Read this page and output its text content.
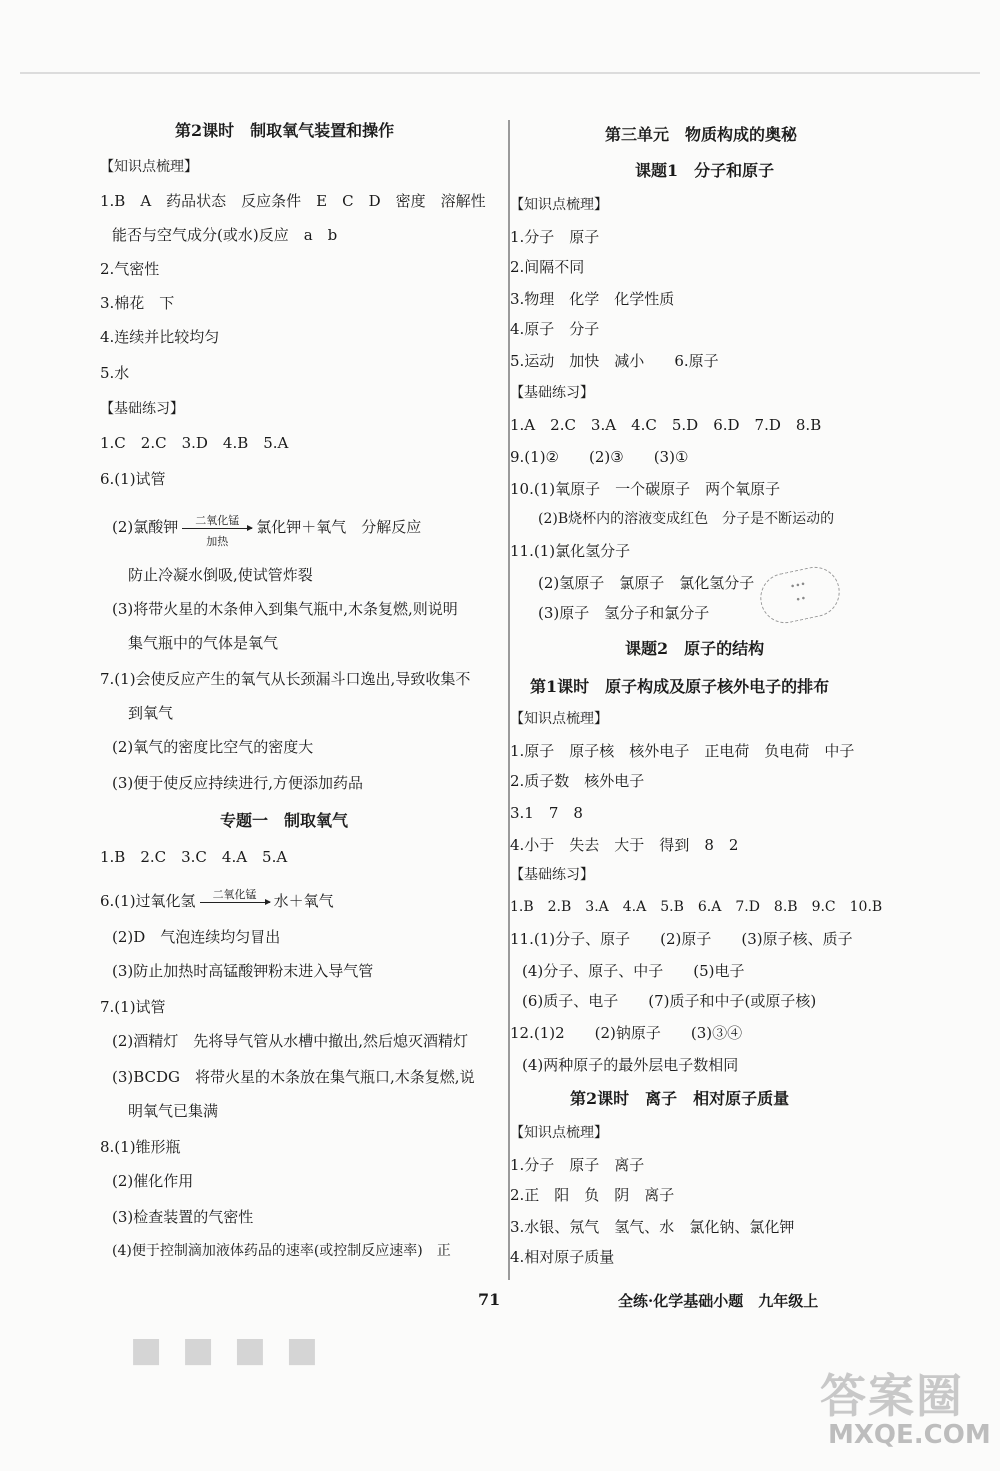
第2课时　制取氧气装置和操作
【知识点梳理】
1.B　A　药品状态　反应条件　E　C　D　密度　溶解性
能否与空气成分(或水)反应　a　b
2.气密性
3.棉花　下
4.连续并比较均匀
5.水
【基础练习】
1.C　2.C　3.D　4.B　5.A
6.(1)试管
(2)氯酸钾	二氧化锰
加热
氯化钾＋氧气　分解反应
防止冷凝水倒吸,使试管炸裂
(3)将带火星的木条伸入到集气瓶中,木条复燃,则说明
集气瓶中的气体是氧气
7.(1)会使反应产生的氧气从长颈漏斗口逸出,导致收集不
到氧气
(2)氧气的密度比空气的密度大
(3)便于使反应持续进行,方便添加药品
专题一　制取氧气
1.B　2.C　3.C　4.A　5.A
6.(1)过氧化氢	二氧化锰	水＋氧气
(2)D　气泡连续均匀冒出
(3)防止加热时高锰酸钾粉末进入导气管
7.(1)试管
(2)酒精灯　先将导气管从水槽中撤出,然后熄灭酒精灯
(3)BCDG　将带火星的木条放在集气瓶口,木条复燃,说
明氧气已集满
8.(1)锥形瓶
(2)催化作用
(3)检查装置的气密性
(4)便于控制滴加液体药品的速率(或控制反应速率)　正
第三单元　物质构成的奥秘
课题1　分子和原子
【知识点梳理】
1.分子　原子
2.间隔不同
3.物理　化学　化学性质
4.原子　分子
5.运动　加快　减小　　6.原子
【基础练习】
1.A　2.C　3.A　4.C　5.D　6.D　7.D　8.B
9.(1)②　　(2)③　　(3)①
10.(1)氧原子　一个碳原子　两个氧原子
(2)B烧杯内的溶液变成红色　分子是不断运动的
11.(1)氯化氢分子
(2)氢原子　氯原子　氯化氢分子
(3)原子　氢分子和氯分子
课题2　原子的结构
第1课时　原子构成及原子核外电子的排布
【知识点梳理】
1.原子　原子核　核外电子　正电荷　负电荷　中子
2.质子数　核外电子
3.1　7　8
4.小于　失去　大于　得到　8　2
【基础练习】
1.B　2.B　3.A　4.A　5.B　6.A　7.D　8.B　9.C　10.B
11.(1)分子、原子　　(2)原子　　(3)原子核、质子
(4)分子、原子、中子　　(5)电子
(6)质子、电子　　(7)质子和中子(或原子核)
12.(1)2　　(2)钠原子　　(3)③④
(4)两种原子的最外层电子数相同
第2课时　离子　相对原子质量
【知识点梳理】
1.分子　原子　离子
2.正　阳　负　阴　离子
3.水银、氖气　氢气、水　氯化钠、氯化钾
4.相对原子质量
•••
••
71	全练·化学基础小题　九年级上
■ ■ ■ ■
答案圈
MXQE.COM
